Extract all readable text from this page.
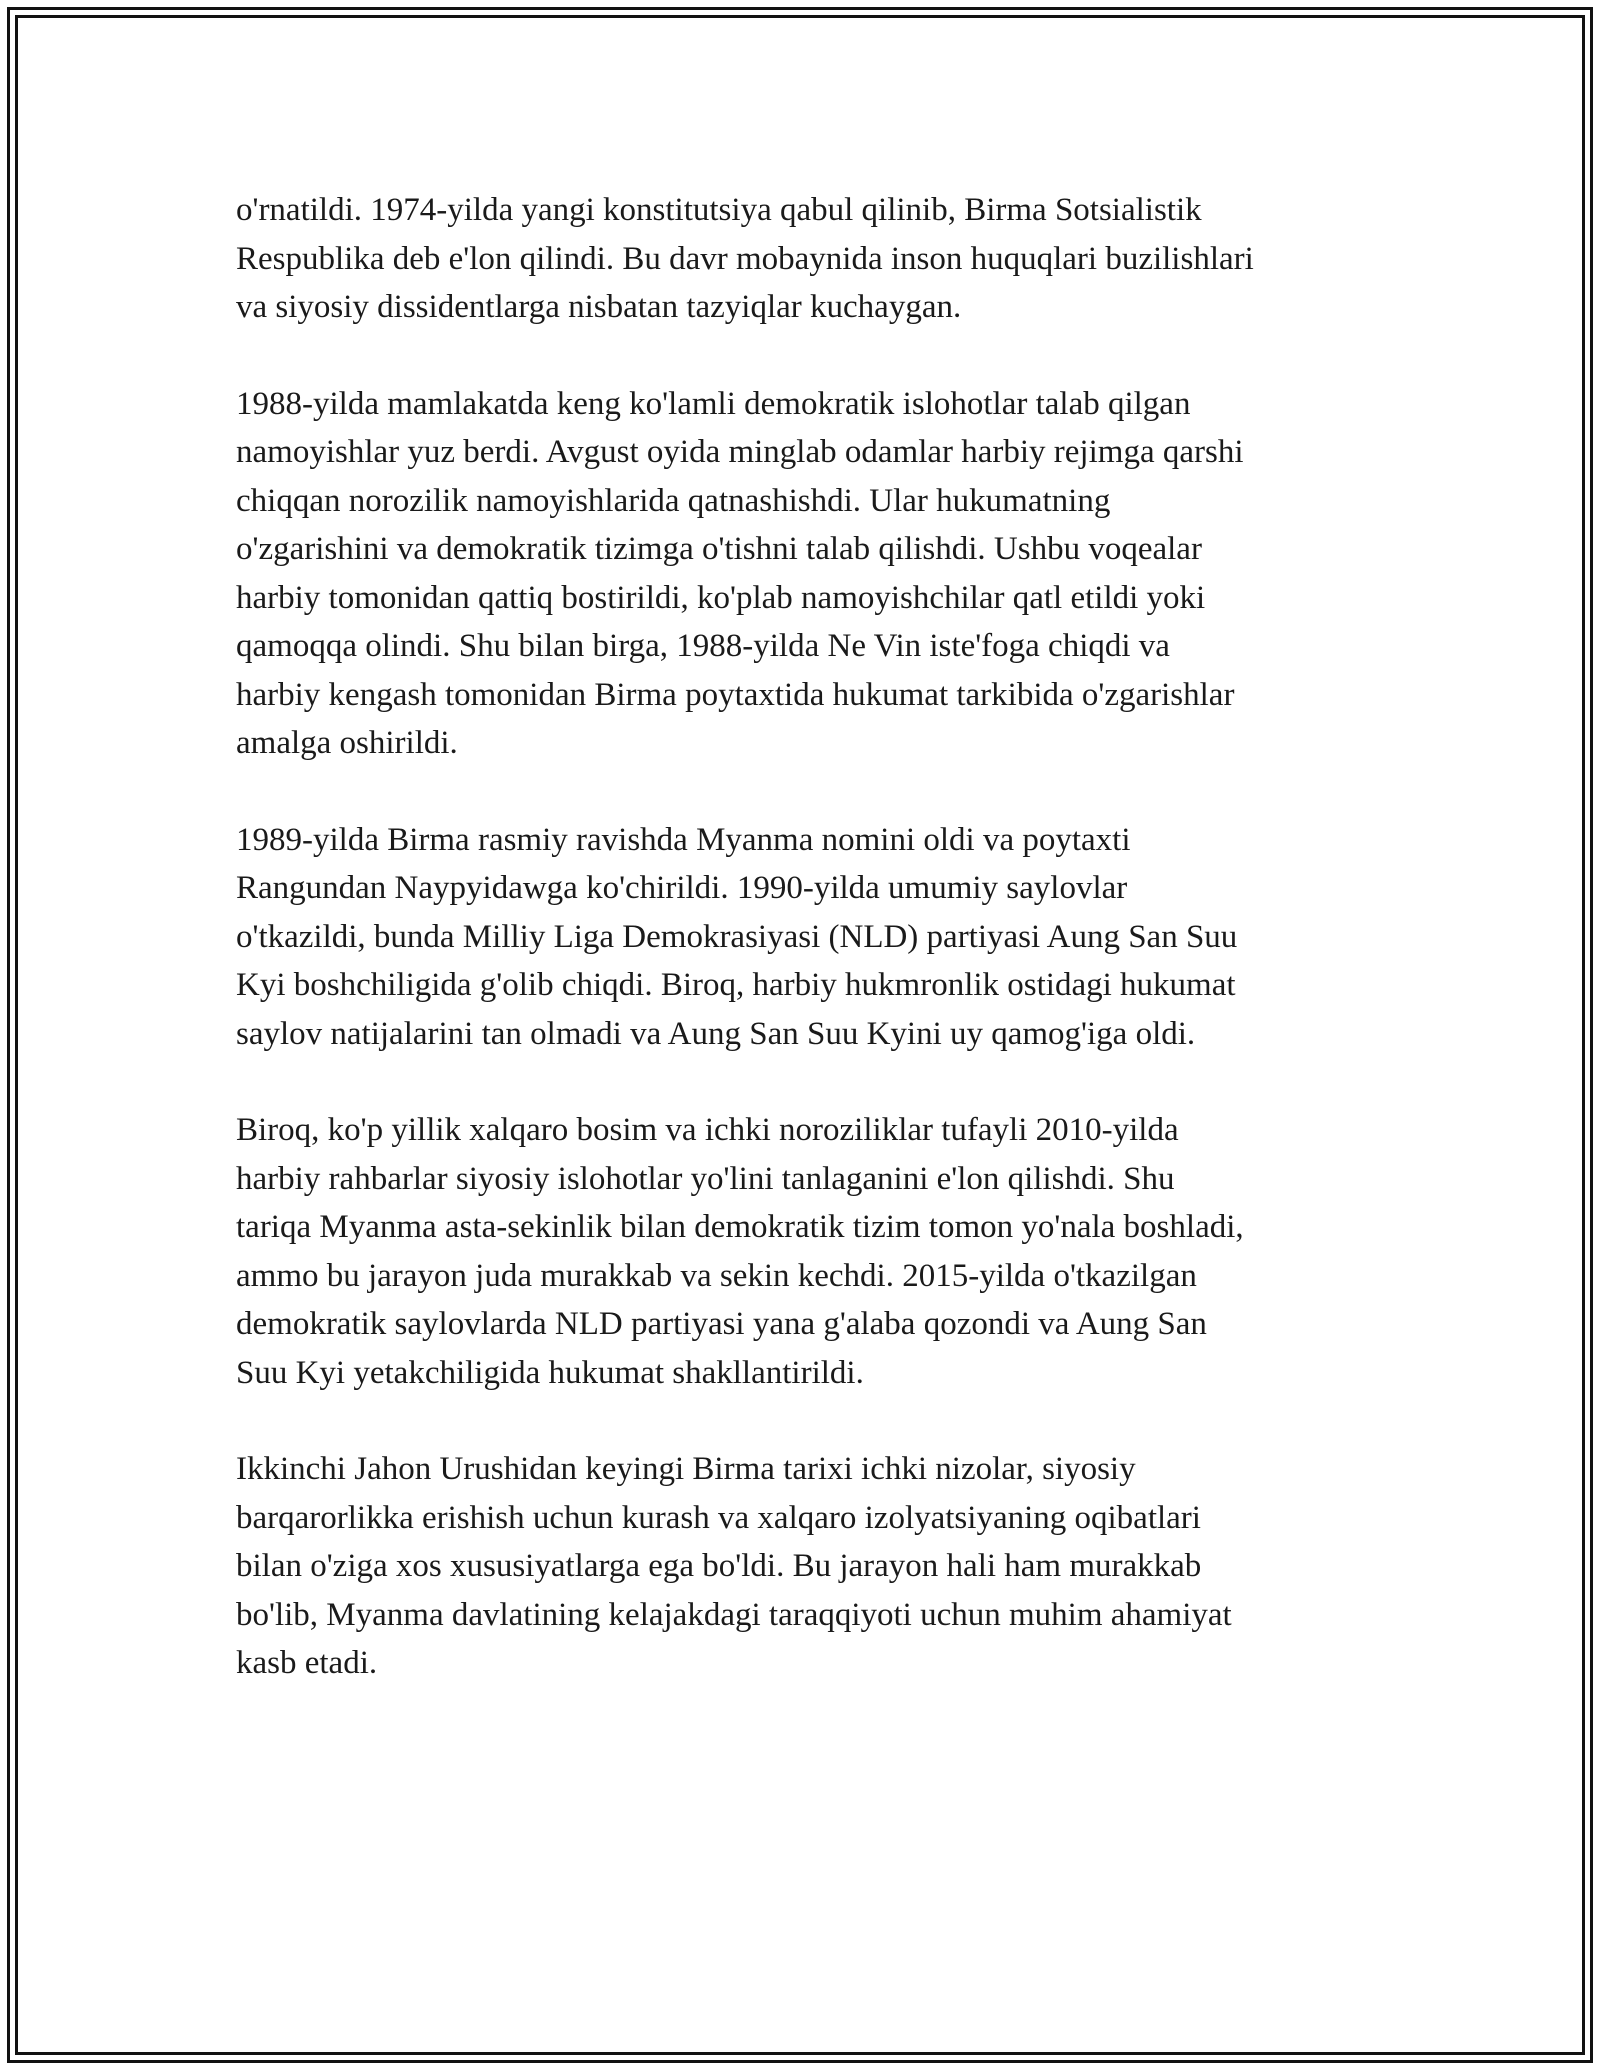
o'rnatildi. 1974-yilda yangi konstitutsiya qabul qilinib, Birma Sotsialistik
Respublika deb e'lon qilindi. Bu davr mobaynida inson huquqlari buzilishlari
va siyosiy dissidentlarga nisbatan tazyiqlar kuchaygan.

1988-yilda mamlakatda keng ko'lamli demokratik islohotlar talab qilgan
namoyishlar yuz berdi. Avgust oyida minglab odamlar harbiy rejimga qarshi
chiqqan norozilik namoyishlarida qatnashishdi. Ular hukumatning
o'zgarishini va demokratik tizimga o'tishni talab qilishdi. Ushbu voqealar
harbiy tomonidan qattiq bostirildi, ko'plab namoyishchilar qatl etildi yoki
qamoqqa olindi. Shu bilan birga, 1988-yilda Ne Vin iste'foga chiqdi va
harbiy kengash tomonidan Birma poytaxtida hukumat tarkibida o'zgarishlar
amalga oshirildi.

1989-yilda Birma rasmiy ravishda Myanma nomini oldi va poytaxti
Rangundan Naypyidawga ko'chirildi. 1990-yilda umumiy saylovlar
o'tkazildi, bunda Milliy Liga Demokrasiyasi (NLD) partiyasi Aung San Suu
Kyi boshchiligida g'olib chiqdi. Biroq, harbiy hukmronlik ostidagi hukumat
saylov natijalarini tan olmadi va Aung San Suu Kyini uy qamog'iga oldi.

Biroq, ko'p yillik xalqaro bosim va ichki noroziliklar tufayli 2010-yilda
harbiy rahbarlar siyosiy islohotlar yo'lini tanlaganini e'lon qilishdi. Shu
tariqa Myanma asta-sekinlik bilan demokratik tizim tomon yo'nala boshladi,
ammo bu jarayon juda murakkab va sekin kechdi. 2015-yilda o'tkazilgan
demokratik saylovlarda NLD partiyasi yana g'alaba qozondi va Aung San
Suu Kyi yetakchiligida hukumat shakllantirildi.

Ikkinchi Jahon Urushidan keyingi Birma tarixi ichki nizolar, siyosiy
barqarorlikka erishish uchun kurash va xalqaro izolyatsiyaning oqibatlari
bilan o'ziga xos xususiyatlarga ega bo'ldi. Bu jarayon hali ham murakkab
bo'lib, Myanma davlatining kelajakdagi taraqqiyoti uchun muhim ahamiyat
kasb etadi.
